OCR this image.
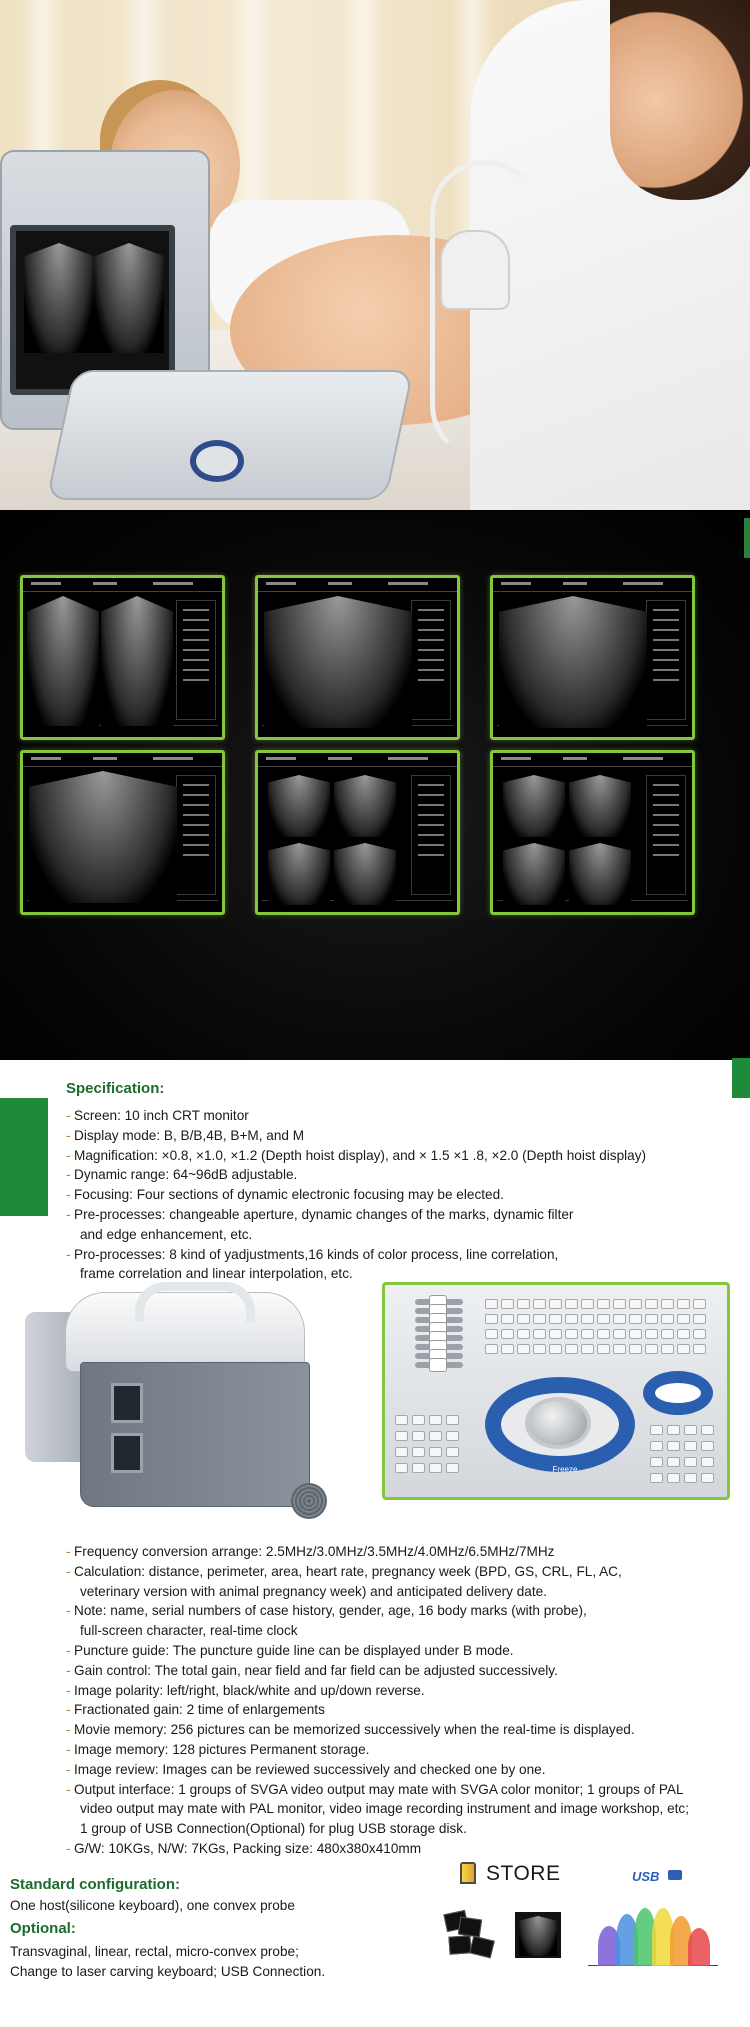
Specification:
- Screen: 10 inch CRT monitor
- Display mode: B, B/B,4B, B+M, and M
- Magnification: ×0.8, ×1.0, ×1.2 (Depth hoist display), and × 1.5 ×1 .8, ×2.0 (Depth hoist display)
- Dynamic range: 64~96dB adjustable.
- Focusing: Four sections of dynamic electronic focusing may be elected.
- Pre-processes: changeable aperture, dynamic changes of the marks, dynamic filter
and edge enhancement, etc.
- Pro-processes: 8 kind of yadjustments,16 kinds of color process, line correlation,
frame correlation and linear interpolation, etc.
Freeze
- Frequency conversion arrange: 2.5MHz/3.0MHz/3.5MHz/4.0MHz/6.5MHz/7MHz
- Calculation: distance, perimeter, area, heart rate, pregnancy week (BPD, GS, CRL, FL, AC,
veterinary version with animal pregnancy week) and anticipated delivery date.
- Note: name, serial numbers of case history, gender, age, 16 body marks (with probe),
full-screen character, real-time clock
- Puncture guide: The puncture guide line can be displayed under B mode.
- Gain control: The total gain, near field and far field can be adjusted successively.
- Image polarity: left/right, black/white and up/down reverse.
- Fractionated gain: 2 time of enlargements
- Movie memory: 256 pictures can be memorized successively when the real-time is displayed.
- Image memory: 128 pictures Permanent storage.
- Image review: Images can be reviewed successively and checked one by one.
- Output interface: 1 groups of SVGA video output may mate with SVGA color monitor; 1 groups of PAL
video output may mate with PAL monitor, video image recording instrument and image workshop, etc;
1 group of USB Connection(Optional) for plug USB storage disk.
- G/W: 10KGs, N/W: 7KGs, Packing size: 480x380x410mm
Standard configuration:
One host(silicone keyboard), one convex probe
Optional:
Transvaginal, linear, rectal, micro-convex probe;
Change to laser carving keyboard; USB Connection.
STORE	USB
